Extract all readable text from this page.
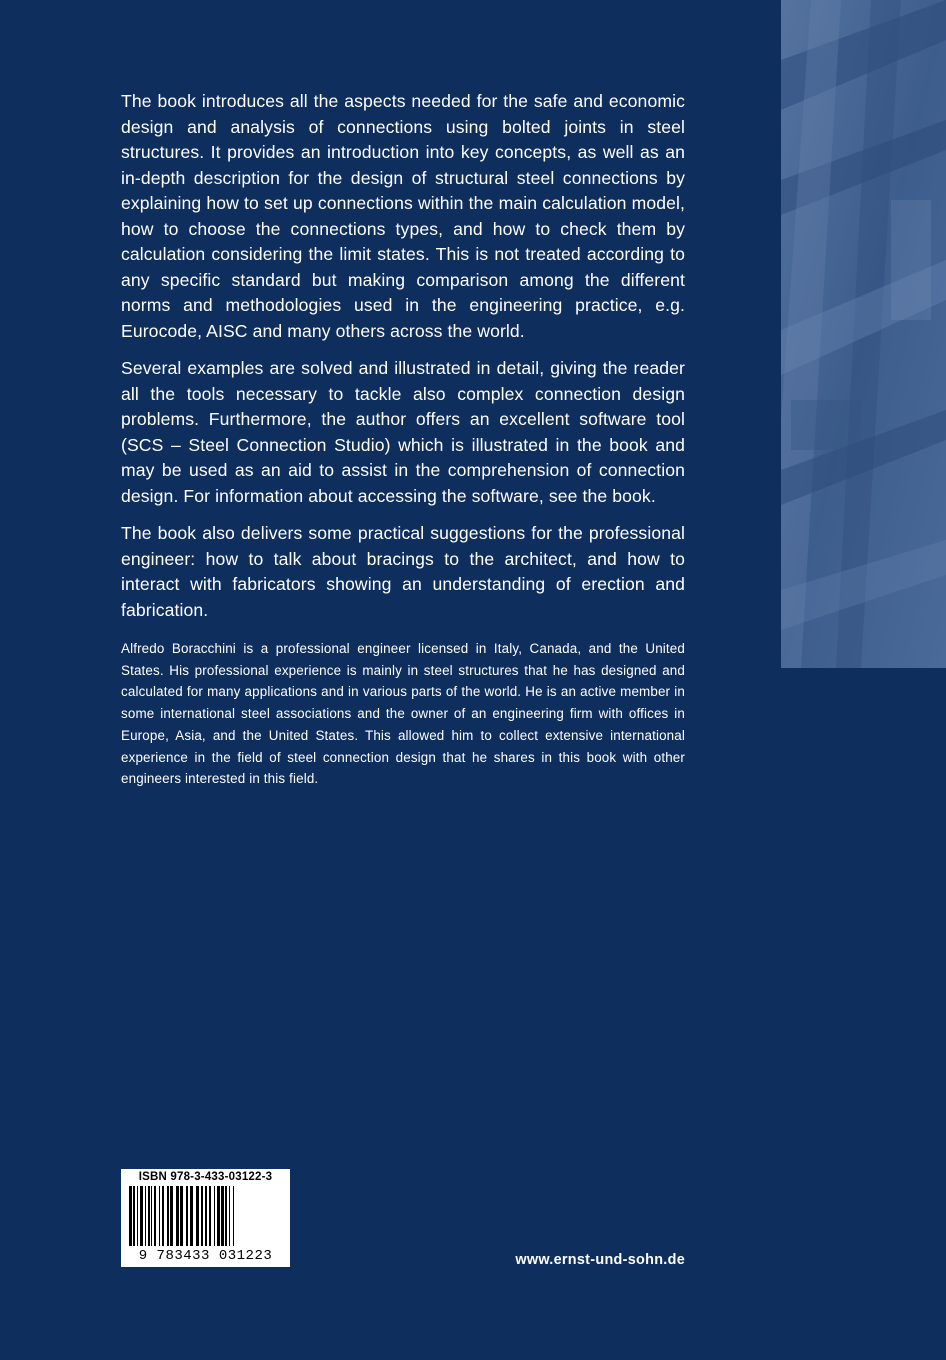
The book introduces all the aspects needed for the safe and economic design and analysis of connections using bolted joints in steel structures. It provides an introduction into key concepts, as well as an in-depth description for the design of structural steel connections by explaining how to set up connections within the main calculation model, how to choose the connections types, and how to check them by calculation considering the limit states. This is not treated according to any specific standard but making comparison among the different norms and methodologies used in the engineering practice, e.g. Eurocode, AISC and many others across the world.

Several examples are solved and illustrated in detail, giving the reader all the tools necessary to tackle also complex connection design problems. Furthermore, the author offers an excellent software tool (SCS – Steel Connection Studio) which is illustrated in the book and may be used as an aid to assist in the comprehension of connection design. For information about accessing the software, see the book.

The book also delivers some practical suggestions for the professional engineer: how to talk about bracings to the architect, and how to interact with fabricators showing an understanding of erection and fabrication.

Alfredo Boracchini is a professional engineer licensed in Italy, Canada, and the United States. His professional experience is mainly in steel structures that he has designed and calculated for many applications and in various parts of the world. He is an active member in some international steel associations and the owner of an engineering firm with offices in Europe, Asia, and the United States. This allowed him to collect extensive international experience in the field of steel connection design that he shares in this book with other engineers interested in this field.

ISBN 978-3-433-03122-3
9 783433 031223	www.ernst-und-sohn.de
